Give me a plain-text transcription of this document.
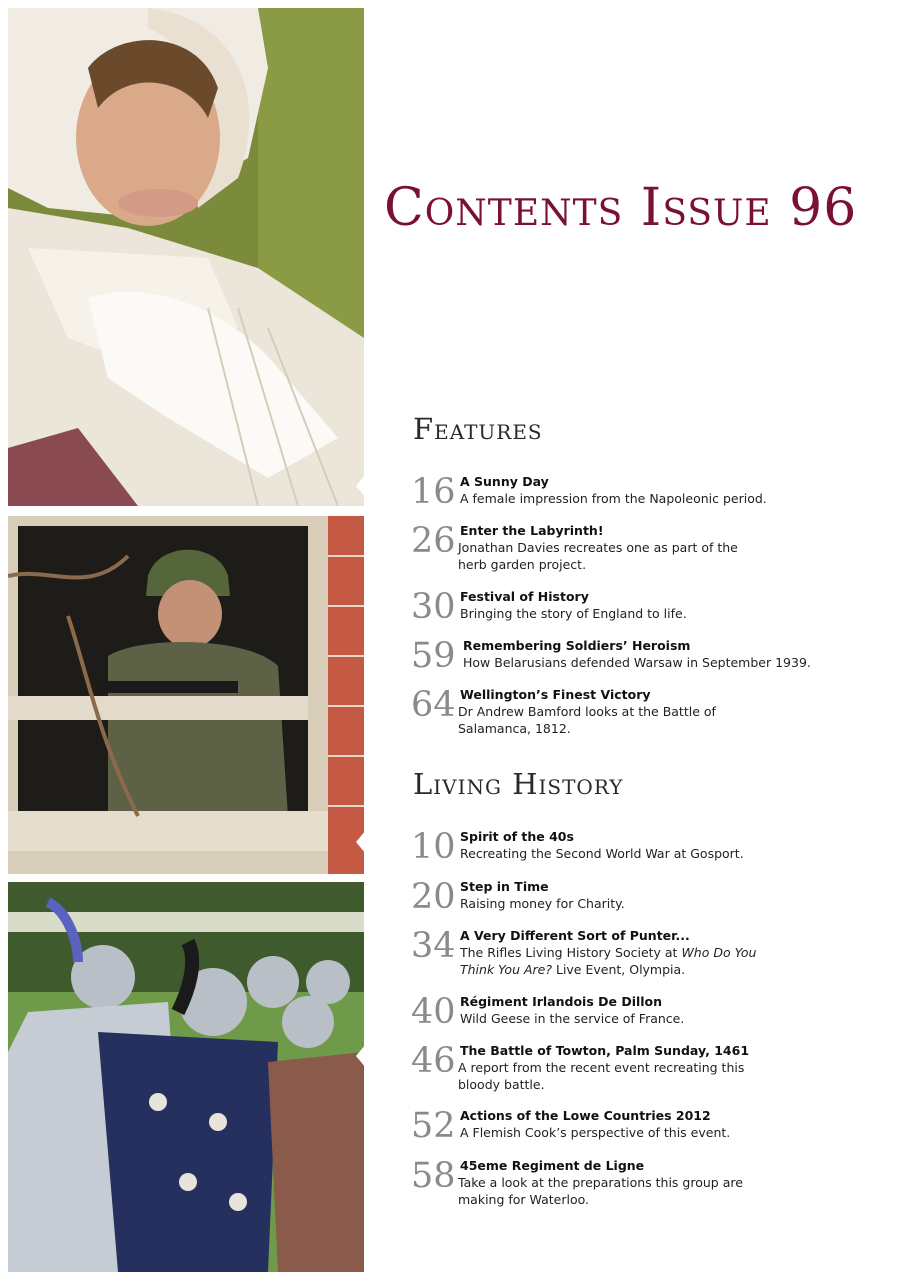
Contents Issue 96
Features
16 A Sunny Day
A female impression from the Napoleonic period.
26 Enter the Labyrinth!
Jonathan Davies recreates one as part of the herb garden project.
30 Festival of History
Bringing the story of England to life.
59 Remembering Soldiers’ Heroism
How Belarusians defended Warsaw in September 1939.
64 Wellington’s Finest Victory
Dr Andrew Bamford looks at the Battle of Salamanca, 1812.
Living History
10 Spirit of the 40s
Recreating the Second World War at Gosport.
20 Step in Time
Raising money for Charity.
34 A Very Different Sort of Punter...
The Rifles Living History Society at Who Do You Think You Are? Live Event, Olympia.
40 Régiment Irlandois De Dillon
Wild Geese in the service of France.
46 The Battle of Towton, Palm Sunday, 1461
A report from the recent event recreating this bloody battle.
52 Actions of the Lowe Countries 2012
A Flemish Cook’s perspective of this event.
58 45eme Regiment de Ligne
Take a look at the preparations this group are making for Waterloo.
